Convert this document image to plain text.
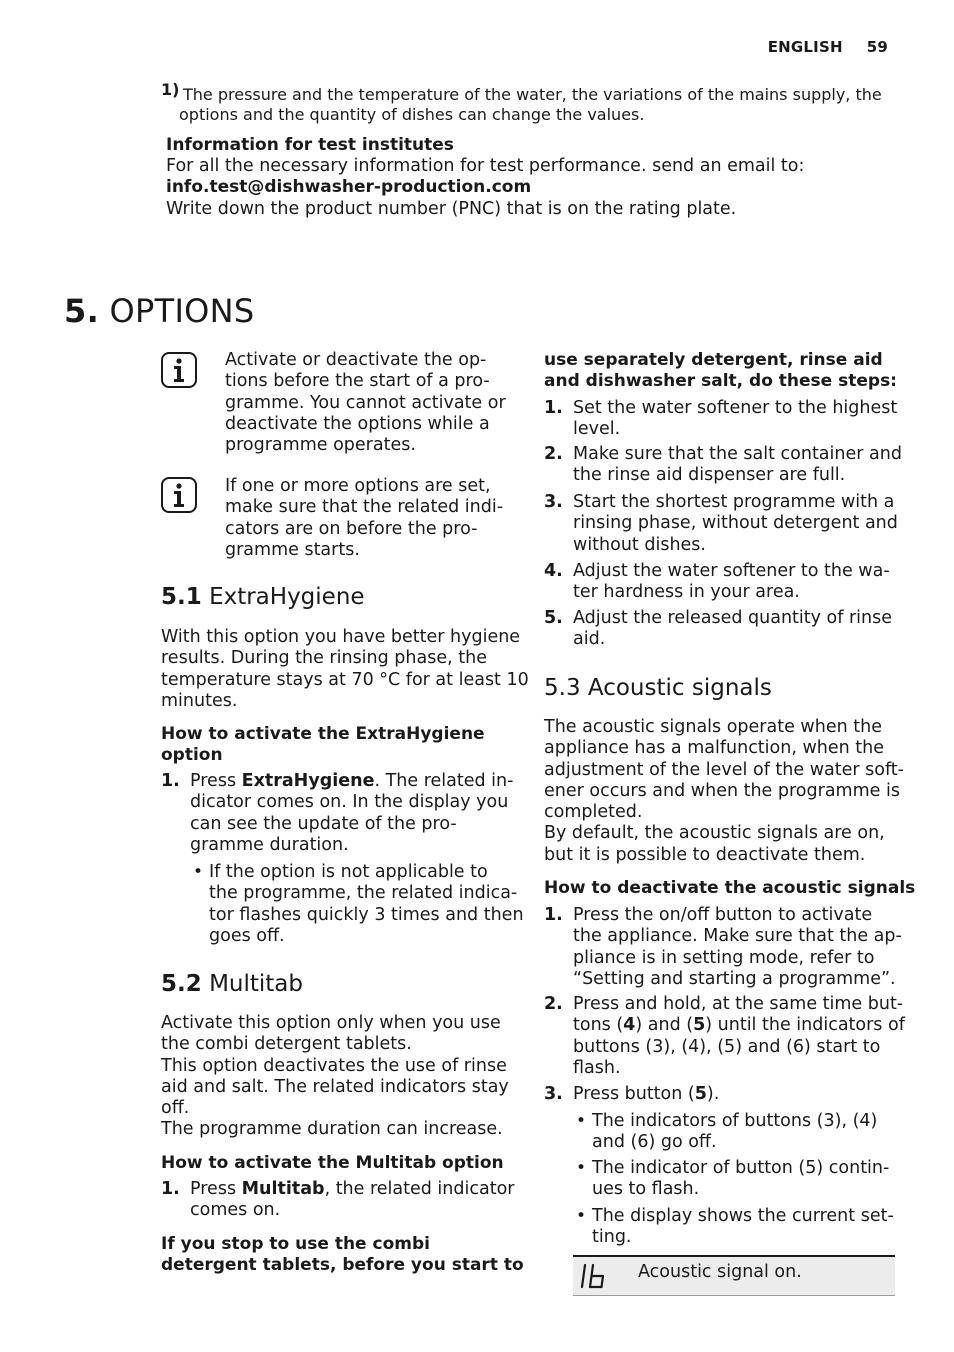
ENGLISH 59
1) The pressure and the temperature of the water, the variations of the mains supply, the
options and the quantity of dishes can change the values.
Information for test institutes
For all the necessary information for test performance. send an email to:
info.test@dishwasher-production.com
Write down the product number (PNC) that is on the rating plate.
5. OPTIONS
Activate or deactivate the op-
tions before the start of a pro-
gramme. You cannot activate or
deactivate the options while a
programme operates.
If one or more options are set,
make sure that the related indi-
cators are on before the pro-
gramme starts.
5.1 ExtraHygiene
With this option you have better hygiene
results. During the rinsing phase, the
temperature stays at 70 °C for at least 10
minutes.
How to activate the ExtraHygiene
option
1. Press ExtraHygiene. The related in-
dicator comes on. In the display you
can see the update of the pro-
gramme duration.
• If the option is not applicable to
the programme, the related indica-
tor flashes quickly 3 times and then
goes off.
5.2 Multitab
Activate this option only when you use
the combi detergent tablets.
This option deactivates the use of rinse
aid and salt. The related indicators stay
off.
The programme duration can increase.
How to activate the Multitab option
1. Press Multitab, the related indicator
comes on.
If you stop to use the combi
detergent tablets, before you start to
use separately detergent, rinse aid
and dishwasher salt, do these steps:
1. Set the water softener to the highest
level.
2. Make sure that the salt container and
the rinse aid dispenser are full.
3. Start the shortest programme with a
rinsing phase, without detergent and
without dishes.
4. Adjust the water softener to the wa-
ter hardness in your area.
5. Adjust the released quantity of rinse
aid.
5.3 Acoustic signals
The acoustic signals operate when the
appliance has a malfunction, when the
adjustment of the level of the water soft-
ener occurs and when the programme is
completed.
By default, the acoustic signals are on,
but it is possible to deactivate them.
How to deactivate the acoustic signals
1. Press the on/off button to activate
the appliance. Make sure that the ap-
pliance is in setting mode, refer to
“Setting and starting a programme”.
2. Press and hold, at the same time but-
tons (4) and (5) until the indicators of
buttons (3), (4), (5) and (6) start to
flash.
3. Press button (5).
• The indicators of buttons (3), (4)
and (6) go off.
• The indicator of button (5) contin-
ues to flash.
• The display shows the current set-
ting.
Acoustic signal on.
